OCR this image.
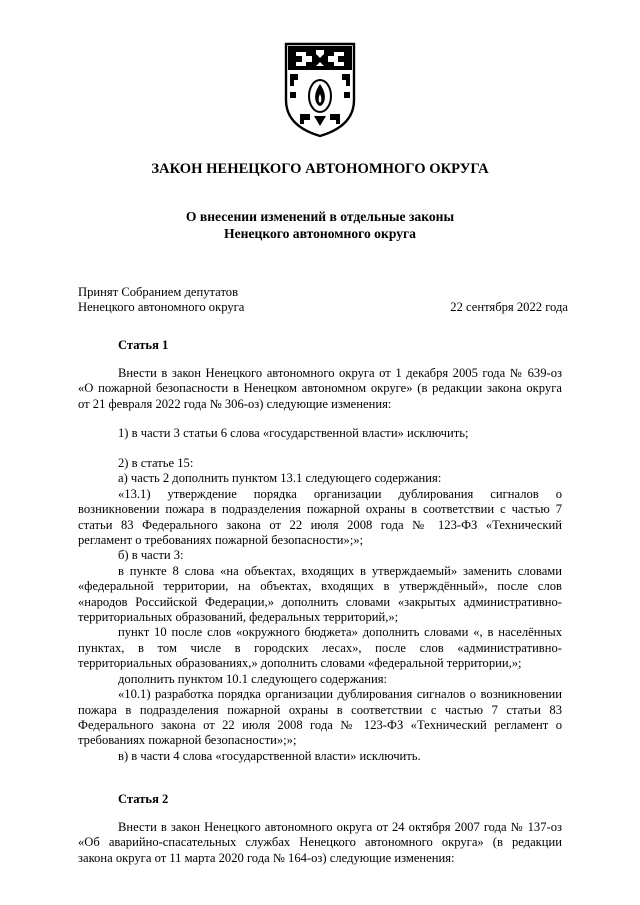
ЗАКОН НЕНЕЦКОГО АВТОНОМНОГО ОКРУГА
О внесении изменений в отдельные законы
Ненецкого автономного округа
Принят Собранием депутатов
Ненецкого автономного округа	22 сентября 2022 года
Статья 1
Внести в закон Ненецкого автономного округа от 1 декабря 2005 года № 639-оз
«О пожарной безопасности в Ненецком автономном округе» (в редакции закона округа
от 21 февраля 2022 года № 306-оз) следующие изменения:
1) в части 3 статьи 6 слова «государственной власти» исключить;
2) в статье 15:
а) часть 2 дополнить пунктом 13.1 следующего содержания:
«13.1) утверждение порядка организации дублирования сигналов о
возникновении пожара в подразделения пожарной охраны в соответствии с частью 7
статьи 83 Федерального закона от 22 июля 2008 года № 123-ФЗ «Технический
регламент о требованиях пожарной безопасности»;»;
б) в части 3:
в пункте 8 слова «на объектах, входящих в утверждаемый» заменить словами
«федеральной территории, на объектах, входящих в утверждённый», после слов
«народов Российской Федерации,» дополнить словами «закрытых административно-
территориальных образований, федеральных территорий,»;
пункт 10 после слов «окружного бюджета» дополнить словами «, в населённых
пунктах, в том числе в городских лесах», после слов «административно-
территориальных образованиях,» дополнить словами «федеральной территории,»;
дополнить пунктом 10.1 следующего содержания:
«10.1) разработка порядка организации дублирования сигналов о возникновении
пожара в подразделения пожарной охраны в соответствии с частью 7 статьи 83
Федерального закона от 22 июля 2008 года № 123-ФЗ «Технический регламент о
требованиях пожарной безопасности»;»;
в) в части 4 слова «государственной власти» исключить.
Статья 2
Внести в закон Ненецкого автономного округа от 24 октября 2007 года № 137-оз
«Об аварийно-спасательных службах Ненецкого автономного округа» (в редакции
закона округа от 11 марта 2020 года № 164-оз) следующие изменения:
